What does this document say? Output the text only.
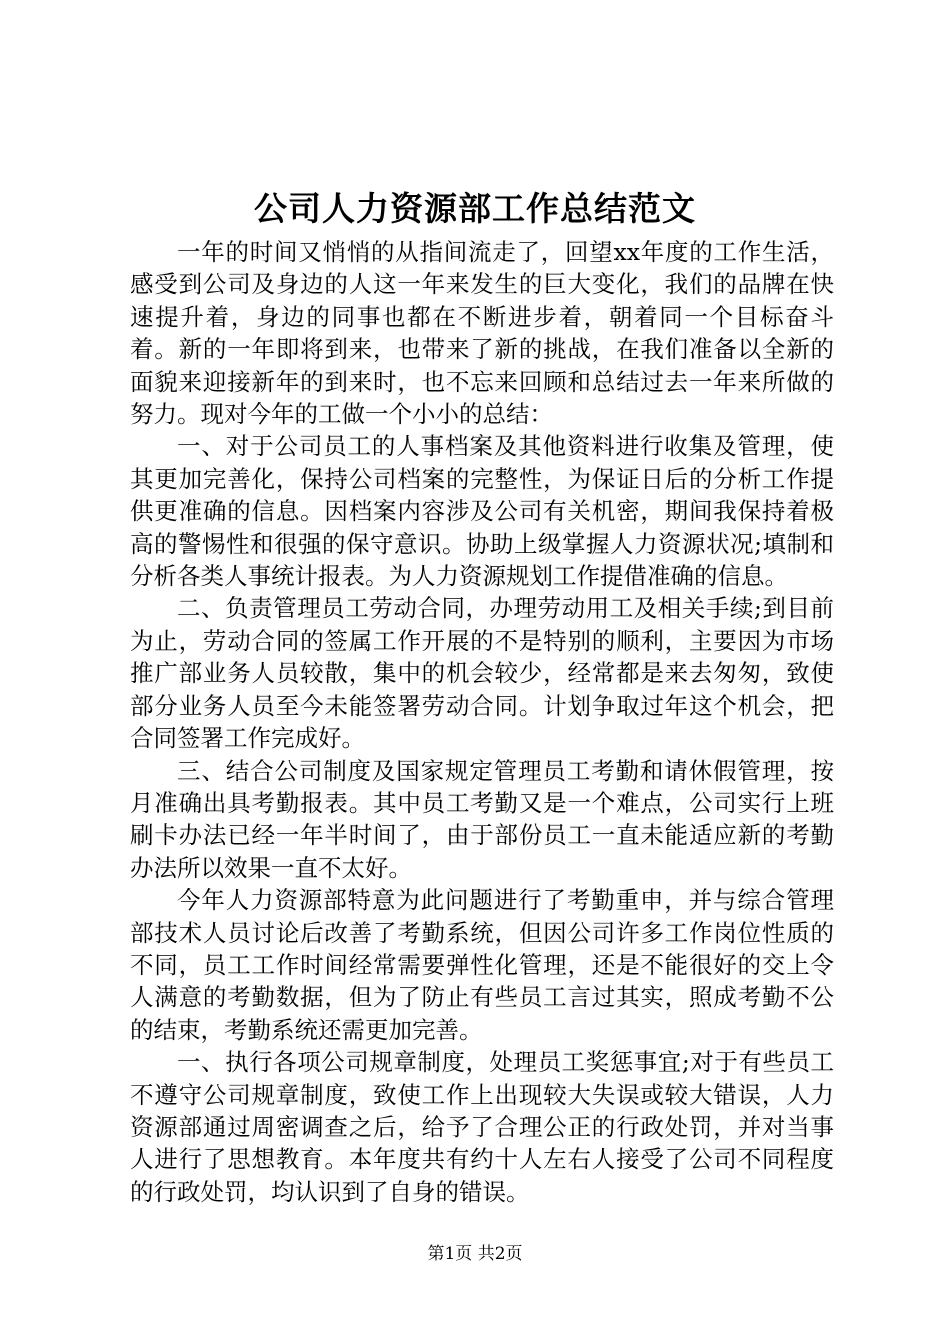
公司人力资源部工作总结范文

一年的时间又悄悄的从指间流走了，回望xx年度的工作生活，感受到公司及身边的人这一年来发生的巨大变化，我们的品牌在快速提升着，身边的同事也都在不断进步着，朝着同一个目标奋斗着。新的一年即将到来，也带来了新的挑战，在我们准备以全新的面貌来迎接新年的到来时，也不忘来回顾和总结过去一年来所做的努力。现对今年的工做一个小小的总结：

一、对于公司员工的人事档案及其他资料进行收集及管理，使其更加完善化，保持公司档案的完整性，为保证日后的分析工作提供更准确的信息。因档案内容涉及公司有关机密，期间我保持着极高的警惕性和很强的保守意识。协助上级掌握人力资源状况;填制和分析各类人事统计报表。为人力资源规划工作提借准确的信息。

二、负责管理员工劳动合同，办理劳动用工及相关手续;到目前为止，劳动合同的签属工作开展的不是特别的顺利，主要因为市场推广部业务人员较散，集中的机会较少，经常都是来去匆匆，致使部分业务人员至今未能签署劳动合同。计划争取过年这个机会，把合同签署工作完成好。

三、结合公司制度及国家规定管理员工考勤和请休假管理，按月准确出具考勤报表。其中员工考勤又是一个难点，公司实行上班刷卡办法已经一年半时间了，由于部份员工一直未能适应新的考勤办法所以效果一直不太好。

今年人力资源部特意为此问题进行了考勤重申，并与综合管理部技术人员讨论后改善了考勤系统，但因公司许多工作岗位性质的不同，员工工作时间经常需要弹性化管理，还是不能很好的交上令人满意的考勤数据，但为了防止有些员工言过其实，照成考勤不公的结束，考勤系统还需更加完善。

一、执行各项公司规章制度，处理员工奖惩事宜;对于有些员工不遵守公司规章制度，致使工作上出现较大失误或较大错误，人力资源部通过周密调查之后，给予了合理公正的行政处罚，并对当事人进行了思想教育。本年度共有约十人左右人接受了公司不同程度的行政处罚，均认识到了自身的错误。

第1页 共2页
